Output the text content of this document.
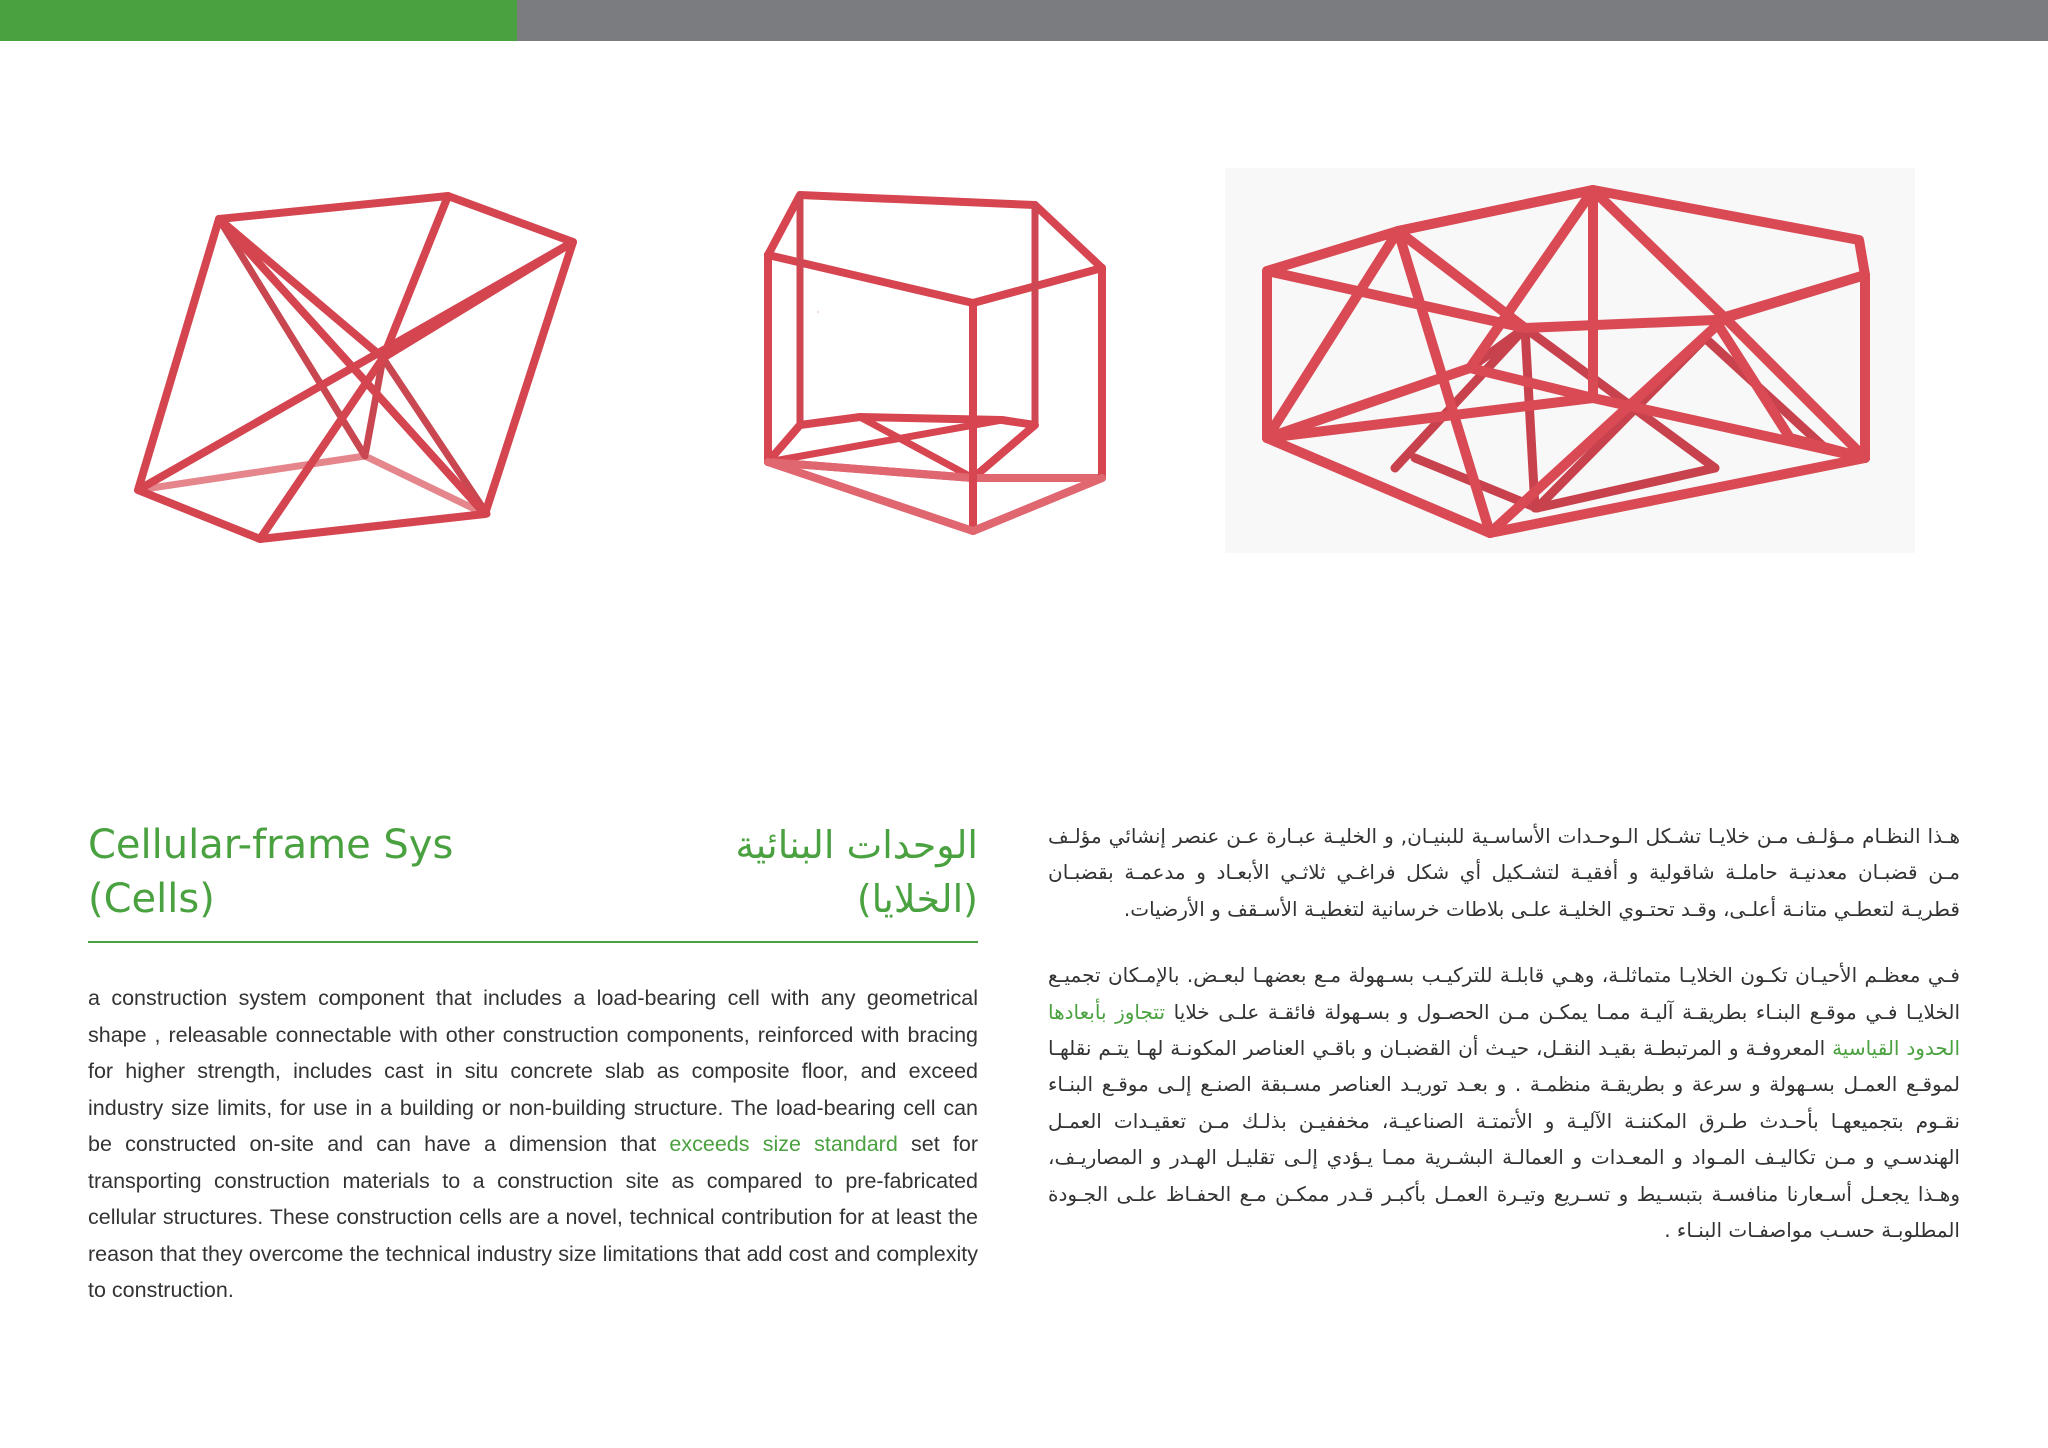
Cellular-frame Sys
(Cells)
الوحدات البنائية
(الخلايا)
a construction system component that includes a load-bearing cell with any geometrical shape , releasable connectable with other construction components, reinforced with bracing for higher strength, includes cast in situ concrete slab as composite floor, and exceed industry size limits, for use in a building or non-building structure. The load-bearing cell can be constructed on-site and can have a dimension that exceeds size standard set for transporting construction materials to a construction site as compared to pre-fabricated cellular structures. These construction cells are a novel, technical contribution for at least the reason that they overcome the technical industry size limitations that add cost and complexity to construction.

هـذا النظـام مـؤلـف مـن خلايـا تشـكل الـوحـدات الأساسـية للبنيـان, و الخليـة عبـارة عـن عنصر إنشائي مؤلـف مـن قضبـان معدنيـة حاملـة شاقولية و أفقيـة لتشـكيل أي شكل فراغـي ثلاثـي الأبعـاد و مدعمـة بقضبـان قطريـة لتعطـي متانـة أعلـى، وقـد تحتـوي الخليـة علـى بلاطات خرسانية لتغطيـة الأسـقف و الأرضيات.

فـي معظـم الأحيـان تكـون الخلايـا متماثلـة، وهـي قابلـة للتركيـب بسـهولة مـع بعضهـا لبعـض. بالإمـكان تجميـع الخلايـا فـي موقـع البنـاء بطريقـة آليـة ممـا يمكـن مـن الحصـول و بسـهولة فائقـة علـى خلايا تتجاوز بأبعادها الحدود القياسية المعروفـة و المرتبطـة بقيـد النقـل، حيـث أن القضبـان و باقـي العناصر المكونـة لهـا يتـم نقلهـا لموقـع العمـل بسـهولة و سرعة و بطريقـة منظمـة . و بعـد توريـد العناصر مسـبقة الصنـع إلـى موقـع البنـاء نقـوم بتجميعهـا بأحـدث طـرق المكننـة الآليـة و الأتمتـة الصناعيـة، مخففيـن بذلـك مـن تعقيـدات العمـل الهندسـي و مـن تكاليـف المـواد و المعـدات و العمالـة البشـرية ممـا يـؤدي إلـى تقليـل الهـدر و المصاريـف، وهـذا يجعـل أسـعارنا منافسـة بتبسـيط و تسـريع وتيـرة العمـل بأكبـر قـدر ممكـن مـع الحفـاظ علـى الجـودة المطلوبـة حسـب مواصفـات البنـاء .
